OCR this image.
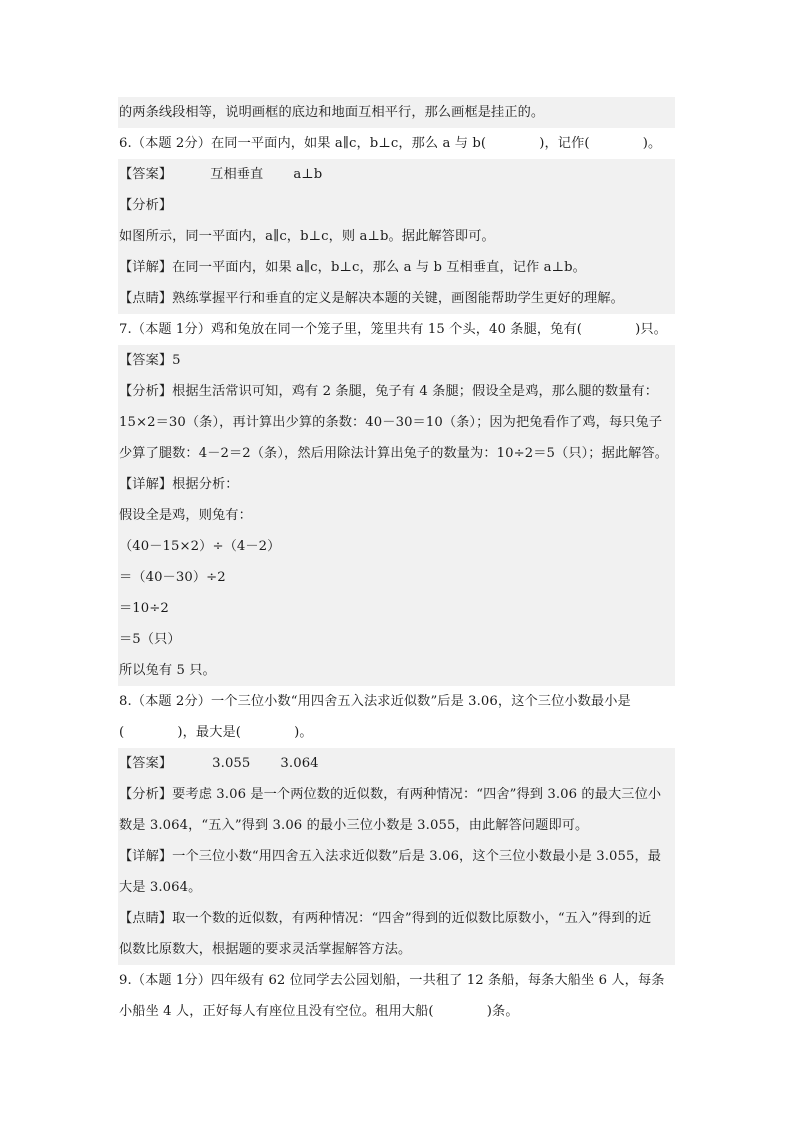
的两条线段相等，说明画框的底边和地面互相平行，那么画框是挂正的。
6.（本题 2分）在同一平面内，如果 a∥c，b⊥c，那么 a 与 b(　　　　)，记作(　　　　)。
【答案】	互相垂直 a⊥b
【分析】
如图所示，同一平面内，a∥c，b⊥c，则 a⊥b。据此解答即可。
【详解】在同一平面内，如果 a∥c，b⊥c，那么 a 与 b 互相垂直，记作 a⊥b。
【点睛】熟练掌握平行和垂直的定义是解决本题的关键，画图能帮助学生更好的理解。
7.（本题 1分）鸡和兔放在同一个笼子里，笼里共有 15 个头，40 条腿，兔有(　　　　)只。
【答案】5
【分析】根据生活常识可知，鸡有 2 条腿，兔子有 4 条腿；假设全是鸡，那么腿的数量有：
15×2＝30（条），再计算出少算的条数：40－30＝10（条）；因为把兔看作了鸡，每只兔子
少算了腿数：4－2＝2（条），然后用除法计算出兔子的数量为：10÷2＝5（只）；据此解答。
【详解】根据分析：
假设全是鸡，则兔有：
（40－15×2）÷（4－2）
＝（40－30）÷2
＝10÷2
＝5（只）
所以兔有 5 只。
8.（本题 2分）一个三位小数“用四舍五入法求近似数”后是 3.06，这个三位小数最小是
(　　　　)，最大是(　　　　)。
【答案】	3.055 3.064
【分析】要考虑 3.06 是一个两位数的近似数，有两种情况：“四舍”得到 3.06 的最大三位小
数是 3.064，“五入”得到 3.06 的最小三位小数是 3.055，由此解答问题即可。
【详解】一个三位小数“用四舍五入法求近似数”后是 3.06，这个三位小数最小是 3.055，最
大是 3.064。
【点睛】取一个数的近似数，有两种情况：“四舍”得到的近似数比原数小，“五入”得到的近
似数比原数大，根据题的要求灵活掌握解答方法。
9.（本题 1分）四年级有 62 位同学去公园划船，一共租了 12 条船，每条大船坐 6 人，每条
小船坐 4 人，正好每人有座位且没有空位。租用大船(　　　　)条。
